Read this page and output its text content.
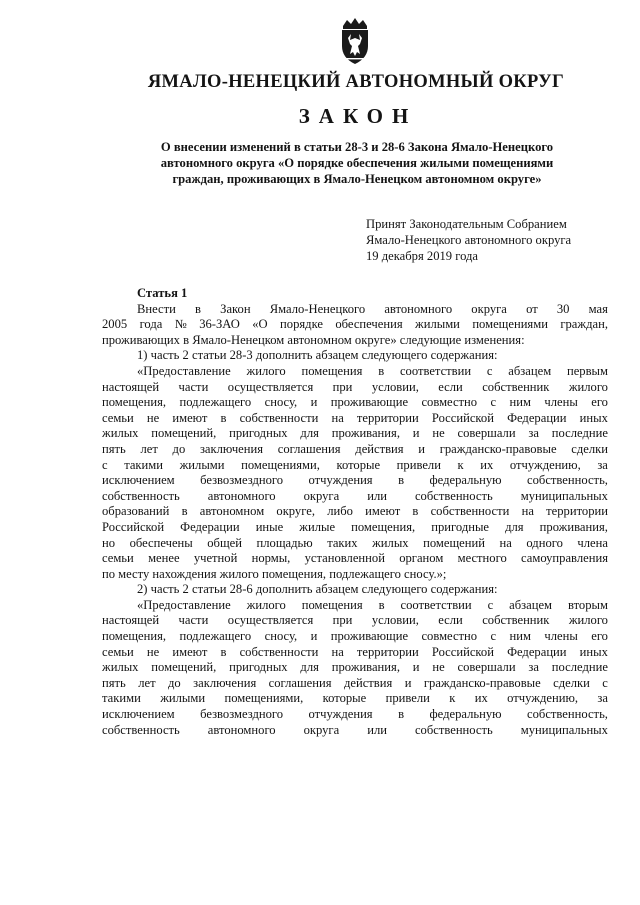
ЯМАЛО-НЕНЕЦКИЙ АВТОНОМНЫЙ ОКРУГ
ЗАКОН
О внесении изменений в статьи 28-3 и 28-6 Закона Ямало-Ненецкого
автономного округа «О порядке обеспечения жилыми помещениями
граждан, проживающих в Ямало-Ненецком автономном округе»
Принят Законодательным Собранием
Ямало-Ненецкого автономного округа
19 декабря 2019 года
Статья 1
Внести в Закон Ямало-Ненецкого автономного округа от 30 мая
2005 года № 36-ЗАО «О порядке обеспечения жилыми помещениями граждан,
проживающих в Ямало-Ненецком автономном округе» следующие изменения:
1) часть 2 статьи 28-3 дополнить абзацем следующего содержания:
«Предоставление жилого помещения в соответствии с абзацем первым
настоящей части осуществляется при условии, если собственник жилого
помещения, подлежащего сносу, и проживающие совместно с ним члены его
семьи не имеют в собственности на территории Российской Федерации иных
жилых помещений, пригодных для проживания, и не совершали за последние
пять лет до заключения соглашения действия и гражданско-правовые сделки
с такими жилыми помещениями, которые привели к их отчуждению, за
исключением безвозмездного отчуждения в федеральную собственность,
собственность автономного округа или собственность муниципальных
образований в автономном округе, либо имеют в собственности на территории
Российской Федерации иные жилые помещения, пригодные для проживания,
но обеспечены общей площадью таких жилых помещений на одного члена
семьи менее учетной нормы, установленной органом местного самоуправления
по месту нахождения жилого помещения, подлежащего сносу.»;
2) часть 2 статьи 28-6 дополнить абзацем следующего содержания:
«Предоставление жилого помещения в соответствии с абзацем вторым
настоящей части осуществляется при условии, если собственник жилого
помещения, подлежащего сносу, и проживающие совместно с ним члены его
семьи не имеют в собственности на территории Российской Федерации иных
жилых помещений, пригодных для проживания, и не совершали за последние
пять лет до заключения соглашения действия и гражданско-правовые сделки с
такими жилыми помещениями, которые привели к их отчуждению, за
исключением безвозмездного отчуждения в федеральную собственность,
собственность автономного округа или собственность муниципальных
